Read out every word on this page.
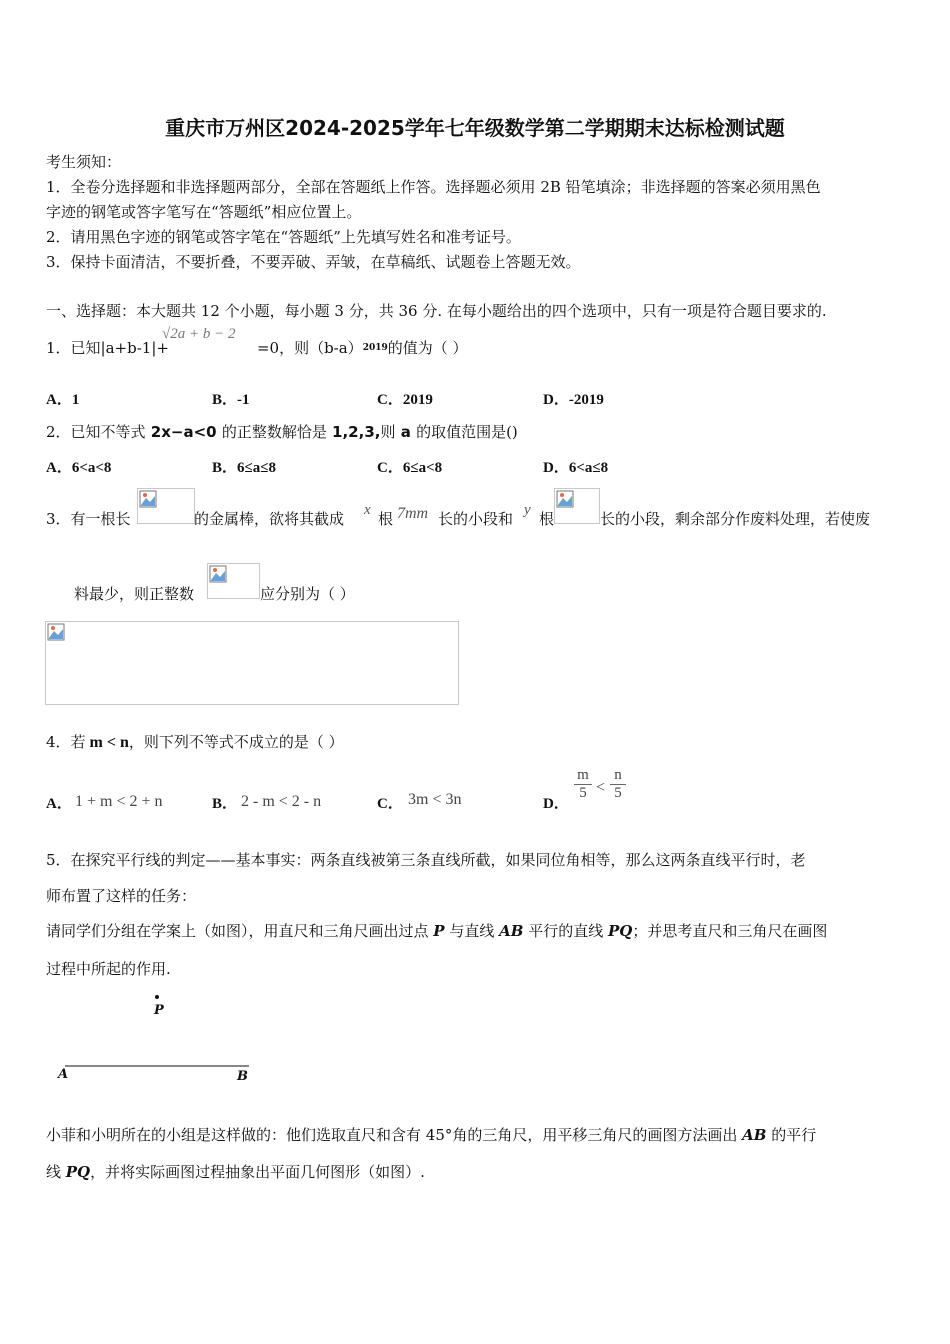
重庆市万州区2024-2025学年七年级数学第二学期期末达标检测试题
考生须知：
1．全卷分选择题和非选择题两部分，全部在答题纸上作答。选择题必须用 2B 铅笔填涂；非选择题的答案必须用黑色
字迹的钢笔或答字笔写在“答题纸”相应位置上。
2．请用黑色字迹的钢笔或答字笔在“答题纸”上先填写姓名和准考证号。
3．保持卡面清洁，不要折叠，不要弄破、弄皱，在草稿纸、试题卷上答题无效。
一、选择题：本大题共 12 个小题，每小题 3 分，共 36 分. 在每小题给出的四个选项中，只有一项是符合题目要求的.
1．已知|a+b-1|+	=0，则$(b-a)^{2019}$的值为（ ）
√2a + b − 2
A．1	B．-1	C．2019	D．-2019
2．已知不等式 2x−a<0 的正整数解恰是 1,2,3,则 a 的取值范围是()
A．6<a<8	B．6≤a≤8	C．6≤a<8	D．6<a≤8
3．有一根长	的金属棒，欲将其截成 x 根 7mm 长的小段和 y 根	长的小段，剩余部分作废料处理，若使废
料最少，则正整数	应分别为（ ）
4．若 m < n，则下列不等式不成立的是（ ）
A． 1 + m < 2 + n	B． 2 - m < 2 - n	C． 3m < 3n	D．
$\frac{m}{5} < \frac{n}{5}$
5．在探究平行线的判定——基本事实：两条直线被第三条直线所截，如果同位角相等，那么这两条直线平行时，老
师布置了这样的任务：
请同学们分组在学案上（如图），用直尺和三角尺画出过点 P 与直线 AB 平行的直线 PQ；并思考直尺和三角尺在画图
过程中所起的作用.
P
A	B
小菲和小明所在的小组是这样做的：他们选取直尺和含有 45°角的三角尺，用平移三角尺的画图方法画出 AB 的平行
线 PQ，并将实际画图过程抽象出平面几何图形（如图）.
